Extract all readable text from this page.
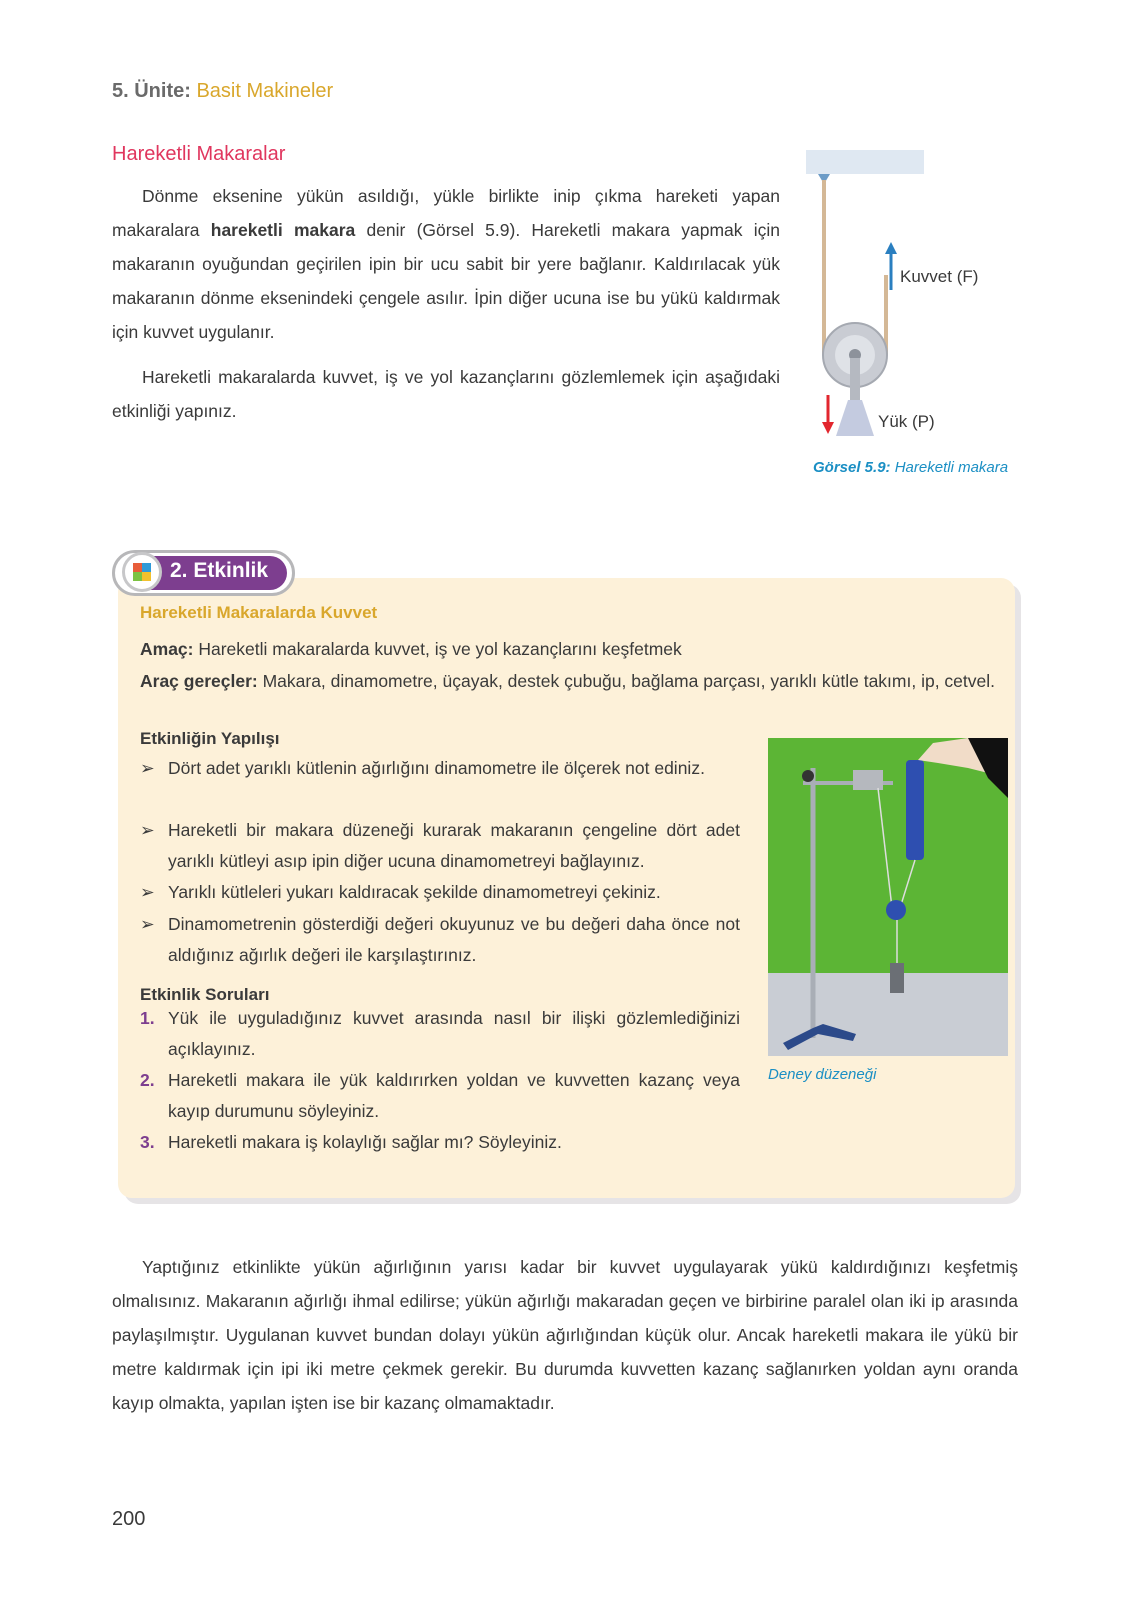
5. Ünite: Basit Makineler
Hareketli Makaralar
Dönme eksenine yükün asıldığı, yükle birlikte inip çıkma hareketi yapan makaralara hareketli makara denir (Görsel 5.9). Hareketli makara yapmak için makaranın oyuğundan geçirilen ipin bir ucu sabit bir yere bağlanır. Kaldırılacak yük makaranın dönme eksenindeki çengele asılır. İpin diğer ucuna ise bu yükü kaldırmak için kuvvet uygulanır.
Hareketli makaralarda kuvvet, iş ve yol kazançlarını gözlemlemek için aşağıdaki etkinliği yapınız.
Kuvvet (F)
Yük (P)
Görsel 5.9: Hareketli makara
2. Etkinlik
Hareketli Makaralarda Kuvvet
Amaç: Hareketli makaralarda kuvvet, iş ve yol kazançlarını keşfetmek
Araç gereçler: Makara, dinamometre, üçayak, destek çubuğu, bağlama parçası, yarıklı kütle takımı, ip, cetvel.
Etkinliğin Yapılışı
➢ Dört adet yarıklı kütlenin ağırlığını dinamometre ile ölçerek not ediniz.
➢ Hareketli bir makara düzeneği kurarak makaranın çengeline dört adet yarıklı kütleyi asıp ipin diğer ucuna dinamometreyi bağlayınız.
➢ Yarıklı kütleleri yukarı kaldıracak şekilde dinamometreyi çekiniz.
➢ Dinamometrenin gösterdiği değeri okuyunuz ve bu değeri daha önce not aldığınız ağırlık değeri ile karşılaştırınız.
Etkinlik Soruları
1. Yük ile uyguladığınız kuvvet arasında nasıl bir ilişki gözlemlediğinizi açıklayınız.
2. Hareketli makara ile yük kaldırırken yoldan ve kuvvetten kazanç veya kayıp durumunu söyleyiniz.
3. Hareketli makara iş kolaylığı sağlar mı? Söyleyiniz.
Deney düzeneği
Yaptığınız etkinlikte yükün ağırlığının yarısı kadar bir kuvvet uygulayarak yükü kaldırdığınızı keşfetmiş olmalısınız. Makaranın ağırlığı ihmal edilirse; yükün ağırlığı makaradan geçen ve birbirine paralel olan iki ip arasında paylaşılmıştır. Uygulanan kuvvet bundan dolayı yükün ağırlığından küçük olur. Ancak hareketli makara ile yükü bir metre kaldırmak için ipi iki metre çekmek gerekir. Bu durumda kuvvetten kazanç sağlanırken yoldan aynı oranda kayıp olmakta, yapılan işten ise bir kazanç olmamaktadır.
200
